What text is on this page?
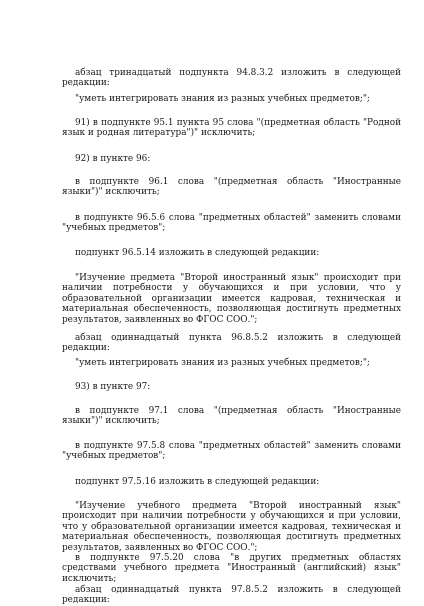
абзац тринадцатый подпункта 94.8.3.2 изложить в следующей редакции:

"уметь интегрировать знания из разных учебных предметов;";

91) в подпункте 95.1 пункта 95 слова "(предметная область "Родной язык и родная литература")" исключить;

92) в пункте 96:

в подпункте 96.1 слова "(предметная область "Иностранные языки")" исключить;

в подпункте 96.5.6 слова "предметных областей" заменить словами "учебных предметов";

подпункт 96.5.14 изложить в следующей редакции:

"Изучение предмета "Второй иностранный язык" происходит при наличии потребности у обучающихся и при условии, что у образовательной организации имеется кадровая, техническая и материальная обеспеченность, позволяющая достигнуть предметных результатов, заявленных во ФГОС СОО.";

абзац одиннадцатый пункта 96.8.5.2 изложить в следующей редакции:

"уметь интегрировать знания из разных учебных предметов;";

93) в пункте 97:

в подпункте 97.1 слова "(предметная область "Иностранные языки")" исключить;

в подпункте 97.5.8 слова "предметных областей" заменить словами "учебных предметов";

подпункт 97.5.16 изложить в следующей редакции:

"Изучение учебного предмета "Второй иностранный язык" происходит при наличии потребности у обучающихся и при условии, что у образовательной организации имеется кадровая, техническая и материальная обеспеченность, позволяющая достигнуть предметных результатов, заявленных во ФГОС СОО.";

в подпункте 97.5.20 слова "в других предметных областях средствами учебного предмета "Иностранный (английский) язык" исключить;

абзац одиннадцатый пункта 97.8.5.2 изложить в следующей редакции:
